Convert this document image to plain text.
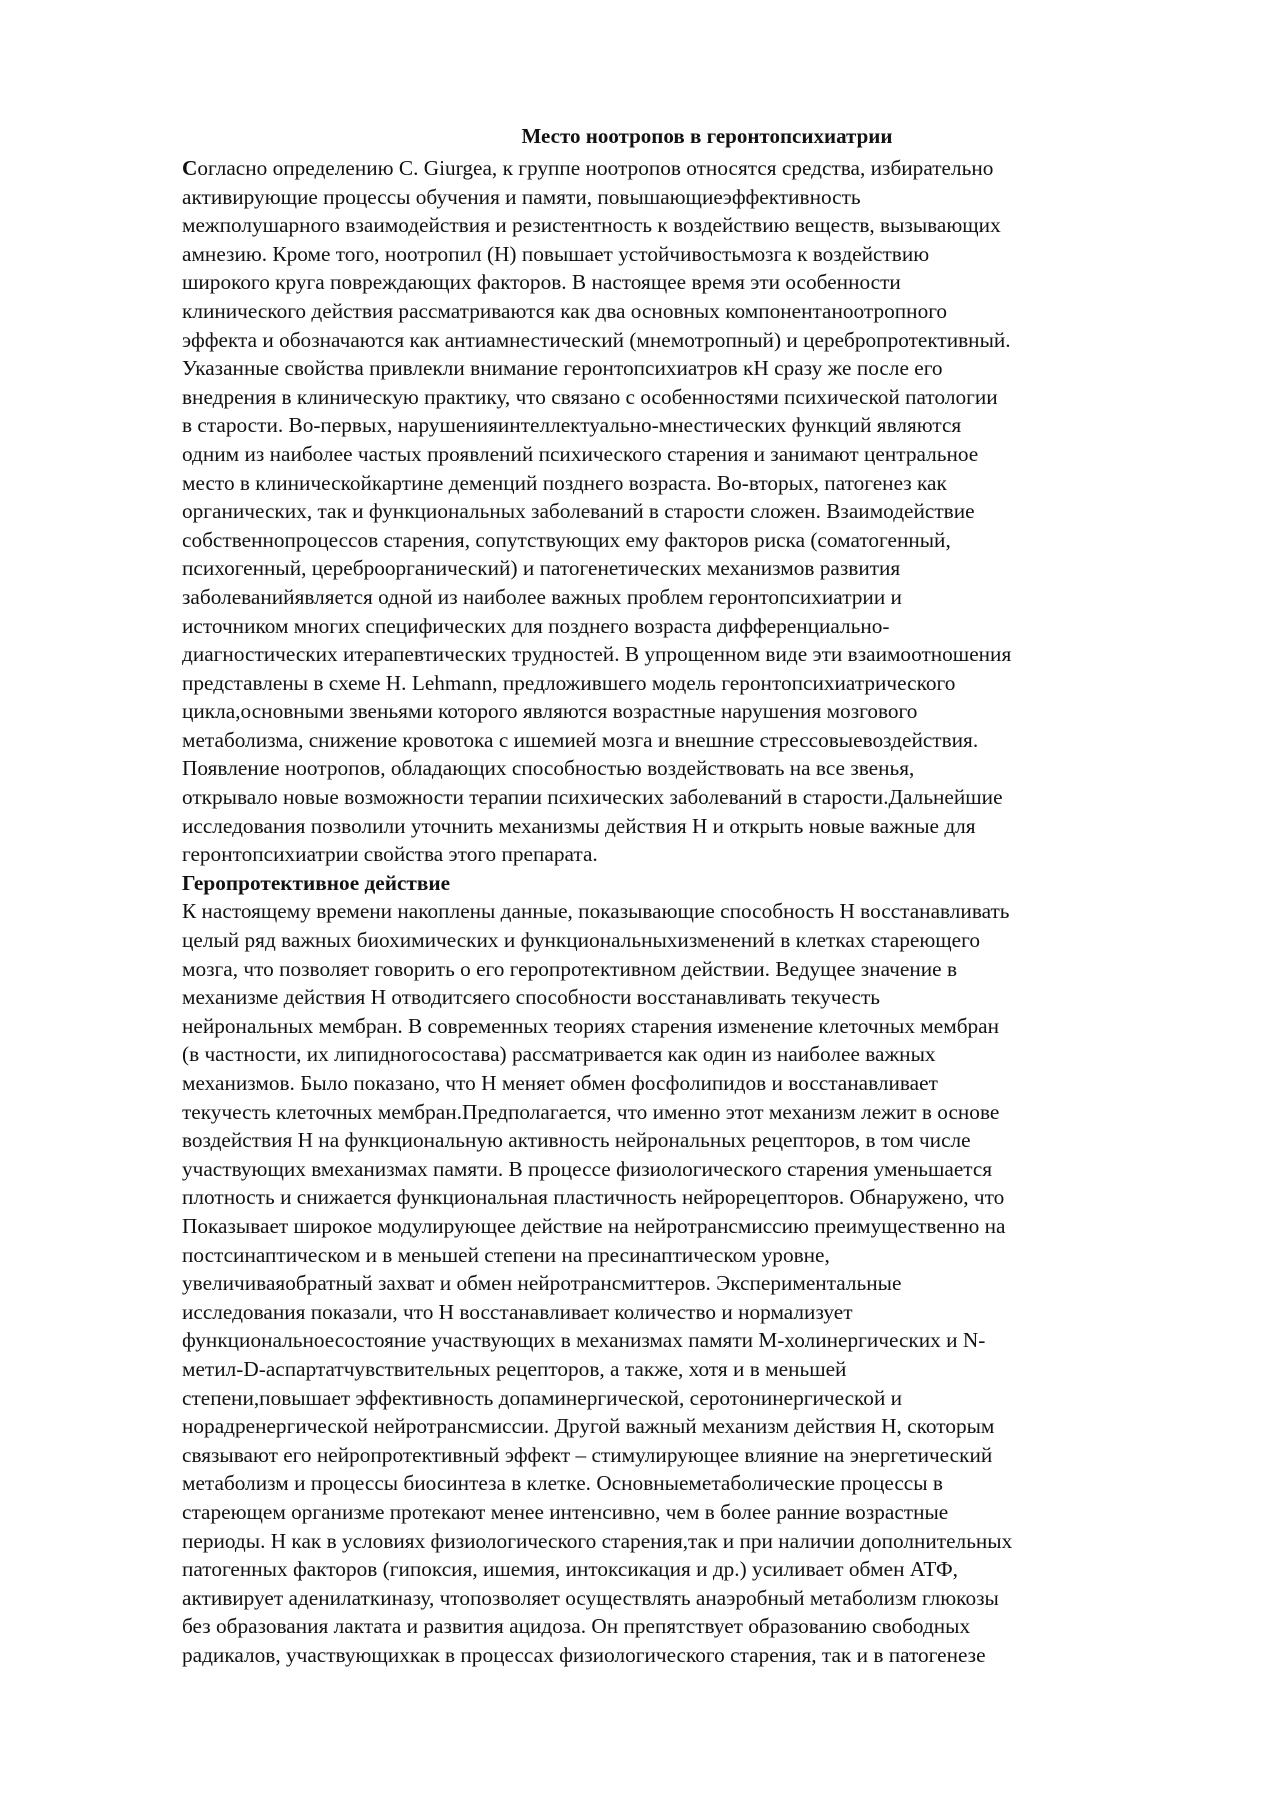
Место ноотропов в геронтопсихиатрии
Согласно определению C. Giurgea, к группе ноотропов относятся средства, избирательно
активирующие процессы обучения и памяти, повышающиеэффективность
межполушарного взаимодействия и резистентность к воздействию веществ, вызывающих
амнезию. Кроме того, ноотропил (Н) повышает устойчивостьмозга к воздействию
широкого круга повреждающих факторов. В настоящее время эти особенности
клинического действия рассматриваются как два основных компонентаноотропного
эффекта и обозначаются как антиамнестический (мнемотропный) и церебропротективный.
Указанные свойства привлекли внимание геронтопсихиатров кН сразу же после его
внедрения в клиническую практику, что связано с особенностями психической патологии
в старости. Во-первых, нарушенияинтеллектуально-мнестических функций являются
одним из наиболее частых проявлений психического старения и занимают центральное
место в клиническойкартине деменций позднего возраста. Во-вторых, патогенез как
органических, так и функциональных заболеваний в старости сложен. Взаимодействие
собственнопроцессов старения, сопутствующих ему факторов риска (соматогенный,
психогенный, цереброорганический) и патогенетических механизмов развития
заболеванийявляется одной из наиболее важных проблем геронтопсихиатрии и
источником многих специфических для позднего возраста дифференциально-
диагностических итерапевтических трудностей. В упрощенном виде эти взаимоотношения
представлены в схеме H. Lehmann, предложившего модель геронтопсихиатрического
цикла,основными звеньями которого являются возрастные нарушения мозгового
метаболизма, снижение кровотока с ишемией мозга и внешние стрессовыевоздействия.
Появление ноотропов, обладающих способностью воздействовать на все звенья,
открывало новые возможности терапии психических заболеваний в старости.Дальнейшие
исследования позволили уточнить механизмы действия Н и открыть новые важные для
геронтопсихиатрии свойства этого препарата.
Геропротективное действие
К настоящему времени накоплены данные, показывающие способность Н восстанавливать
целый ряд важных биохимических и функциональныхизменений в клетках стареющего
мозга, что позволяет говорить о его геропротективном действии. Ведущее значение в
механизме действия Н отводитсяего способности восстанавливать текучесть
нейрональных мембран. В современных теориях старения изменение клеточных мембран
(в частности, их липидногосостава) рассматривается как один из наиболее важных
механизмов. Было показано, что Н меняет обмен фосфолипидов и восстанавливает
текучесть клеточных мембран.Предполагается, что именно этот механизм лежит в основе
воздействия Н на функциональную активность нейрональных рецепторов, в том числе
участвующих вмеханизмах памяти. В процессе физиологического старения уменьшается
плотность и снижается функциональная пластичность нейрорецепторов. Обнаружено, что
Показывает широкое модулирующее действие на нейротрансмиссию преимущественно на
постсинаптическом и в меньшей степени на пресинаптическом уровне,
увеличиваяобратный захват и обмен нейротрансмиттеров. Экспериментальные
исследования показали, что Н восстанавливает количество и нормализует
функциональноесостояние участвующих в механизмах памяти М-холинергических и N-
метил-D-аспартатчувствительных рецепторов, а также, хотя и в меньшей
степени,повышает эффективность допаминергической, серотонинергической и
норадренергической нейротрансмиссии. Другой важный механизм действия Н, скоторым
связывают его нейропротективный эффект – стимулирующее влияние на энергетический
метаболизм и процессы биосинтеза в клетке. Основныеметаболические процессы в
стареющем организме протекают менее интенсивно, чем в более ранние возрастные
периоды. Н как в условиях физиологического старения,так и при наличии дополнительных
патогенных факторов (гипоксия, ишемия, интоксикация и др.) усиливает обмен АТФ,
активирует аденилаткиназу, чтопозволяет осуществлять анаэробный метаболизм глюкозы
без образования лактата и развития ацидоза. Он препятствует образованию свободных
радикалов, участвующихкак в процессах физиологического старения, так и в патогенезе
